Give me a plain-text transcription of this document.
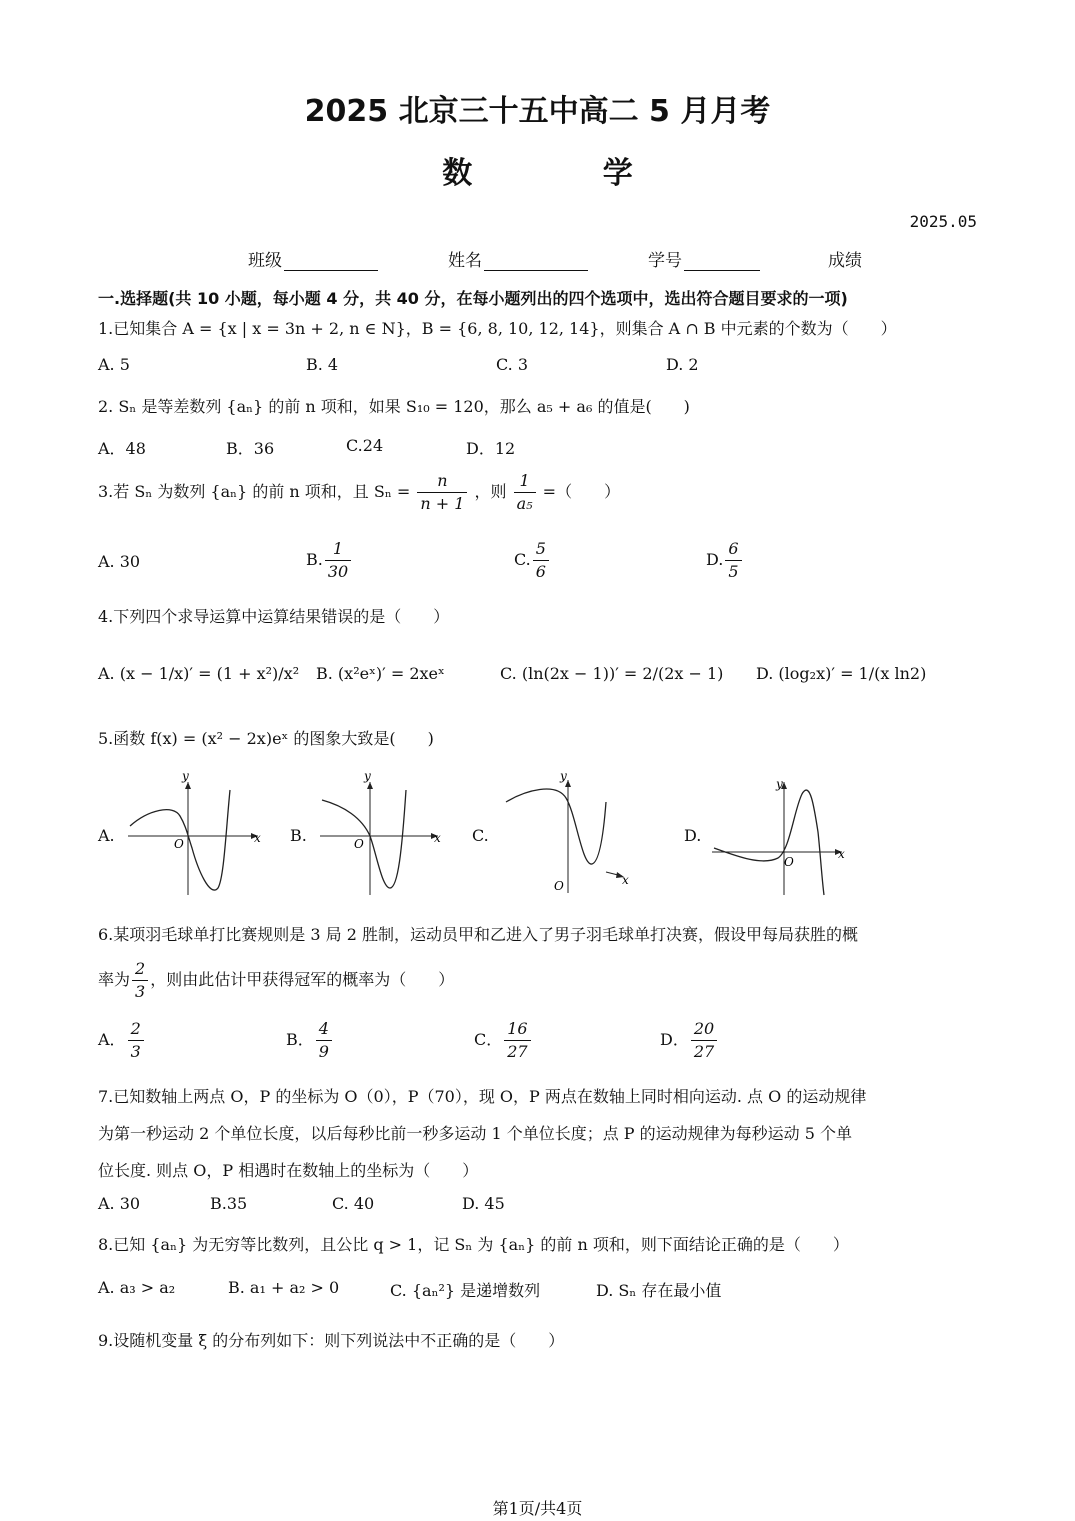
2025 北京三十五中高二 5 月月考
数 学
2025.05
班级	姓名	学号	成绩
一.选择题(共 10 小题，每小题 4 分，共 40 分，在每小题列出的四个选项中，选出符合题目要求的一项)
1.已知集合 A = {x | x = 3n + 2, n ∈ N}，B = {6, 8, 10, 12, 14}，则集合 A ∩ B 中元素的个数为（　　）
A. 5	B. 4	C. 3	D. 2
2. Sₙ 是等差数列 {aₙ} 的前 n 项和，如果 S₁₀ = 120，那么 a₅ + a₆ 的值是(　　)
A．48	B．36	C.24	D．12
3.若 Sₙ 为数列 {aₙ} 的前 n 项和，且 $S_n = \frac{n}{n + 1}$ ，则 $\frac{1}{\text{a₅}}$ =（　　）
A. 30	B. $\frac{1}{30}$	C. $\frac{5}{6}$	D. $\frac{6}{5}$
4.下列四个求导运算中运算结果错误的是（　　）
A. (x − 1/x)′ = (1 + x²)/x² B. (x²eˣ)′ = 2xeˣ	C. (ln(2x − 1))′ = 2/(2x − 1) D. (log₂x)′ = 1/(x ln2)
5.函数 f(x) = (x² − 2x)eˣ 的图象大致是(　　)
A.
y
x
O	B.
y
x
O	C.
y
x
O
D.
y
x
O
6.某项羽毛球单打比赛规则是 3 局 2 胜制，运动员甲和乙进入了男子羽毛球单打决赛，假设甲每局获胜的概
率为 $\frac{2}{3}$ ，则由此估计甲获得冠军的概率为（　　）
A． $\frac{2}{3}$	B． $\frac{4}{9}$	C． $\frac{16}{27}$	D． $\frac{20}{27}$
7.已知数轴上两点 O，P 的坐标为 O（0），P（70），现 O，P 两点在数轴上同时相向运动. 点 O 的运动规律
为第一秒运动 2 个单位长度，以后每秒比前一秒多运动 1 个单位长度；点 P 的运动规律为每秒运动 5 个单
位长度. 则点 O，P 相遇时在数轴上的坐标为（　　）
A. 30	B.35	C. 40	D. 45
8.已知 {aₙ} 为无穷等比数列，且公比 q > 1，记 Sₙ 为 {aₙ} 的前 n 项和，则下面结论正确的是（　　）
A. a₃ > a₂	B. a₁ + a₂ > 0	C. {aₙ²} 是递增数列	D. Sₙ 存在最小值
9.设随机变量 ξ 的分布列如下：则下列说法中不正确的是（　　）
第1页/共4页
